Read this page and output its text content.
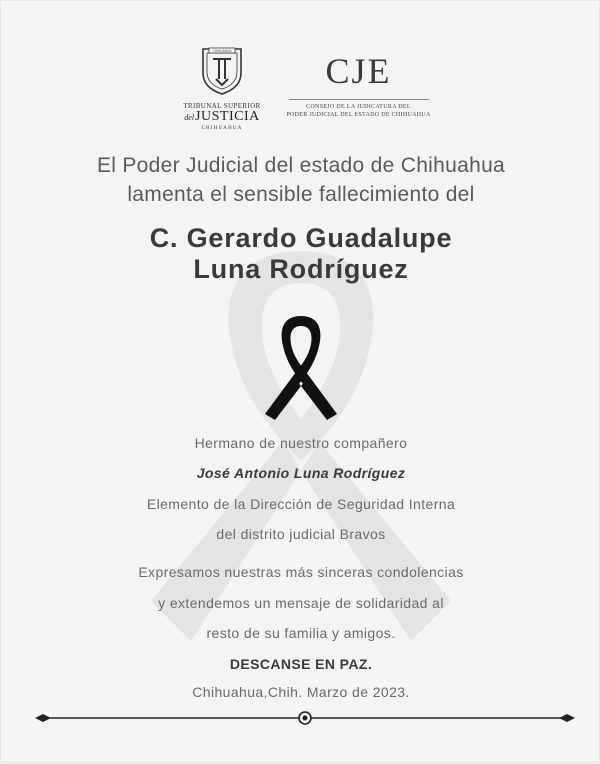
CHIHUAHUA
TRIBUNAL SUPERIOR
delJUSTICIA
CHIHUAHUA
CJE
CONSEJO DE LA JUDICATURA DEL
PODER JUDICIAL DEL ESTADO DE CHIHUAHUA
El Poder Judicial del estado de Chihuahua
lamenta el sensible fallecimiento del
C. Gerardo Guadalupe
Luna Rodríguez
Hermano de nuestro compañero
José Antonio Luna Rodríguez
Elemento de la Dirección de Seguridad Interna
del distrito judicial Bravos
Expresamos nuestras más sinceras condolencias
y extendemos un mensaje de solidaridad al
resto de su familia y amigos.
DESCANSE EN PAZ.
Chihuahua,Chih. Marzo de 2023.
